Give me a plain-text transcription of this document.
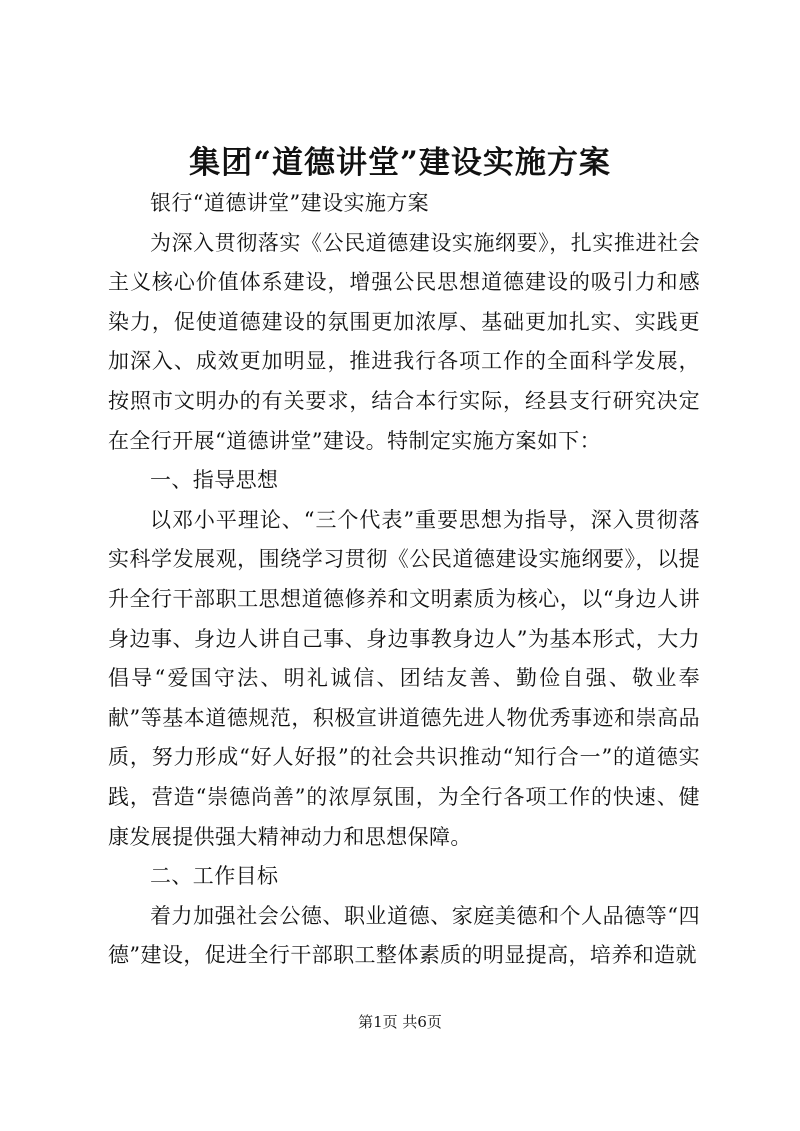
集团“道德讲堂”建设实施方案

银行“道德讲堂”建设实施方案

为深入贯彻落实《公民道德建设实施纲要》，扎实推进社会主义核心价值体系建设，增强公民思想道德建设的吸引力和感染力，促使道德建设的氛围更加浓厚、基础更加扎实、实践更加深入、成效更加明显，推进我行各项工作的全面科学发展，按照市文明办的有关要求，结合本行实际，经县支行研究决定在全行开展“道德讲堂”建设。特制定实施方案如下：

一、指导思想

以邓小平理论、“三个代表”重要思想为指导，深入贯彻落实科学发展观，围绕学习贯彻《公民道德建设实施纲要》，以提升全行干部职工思想道德修养和文明素质为核心，以“身边人讲身边事、身边人讲自己事、身边事教身边人”为基本形式，大力倡导“爱国守法、明礼诚信、团结友善、勤俭自强、敬业奉献”等基本道德规范，积极宣讲道德先进人物优秀事迹和崇高品质，努力形成“好人好报”的社会共识推动“知行合一”的道德实践，营造“崇德尚善”的浓厚氛围，为全行各项工作的快速、健康发展提供强大精神动力和思想保障。

二、工作目标

着力加强社会公德、职业道德、家庭美德和个人品德等“四德”建设，促进全行干部职工整体素质的明显提高，培养和造就

第1页 共6页
